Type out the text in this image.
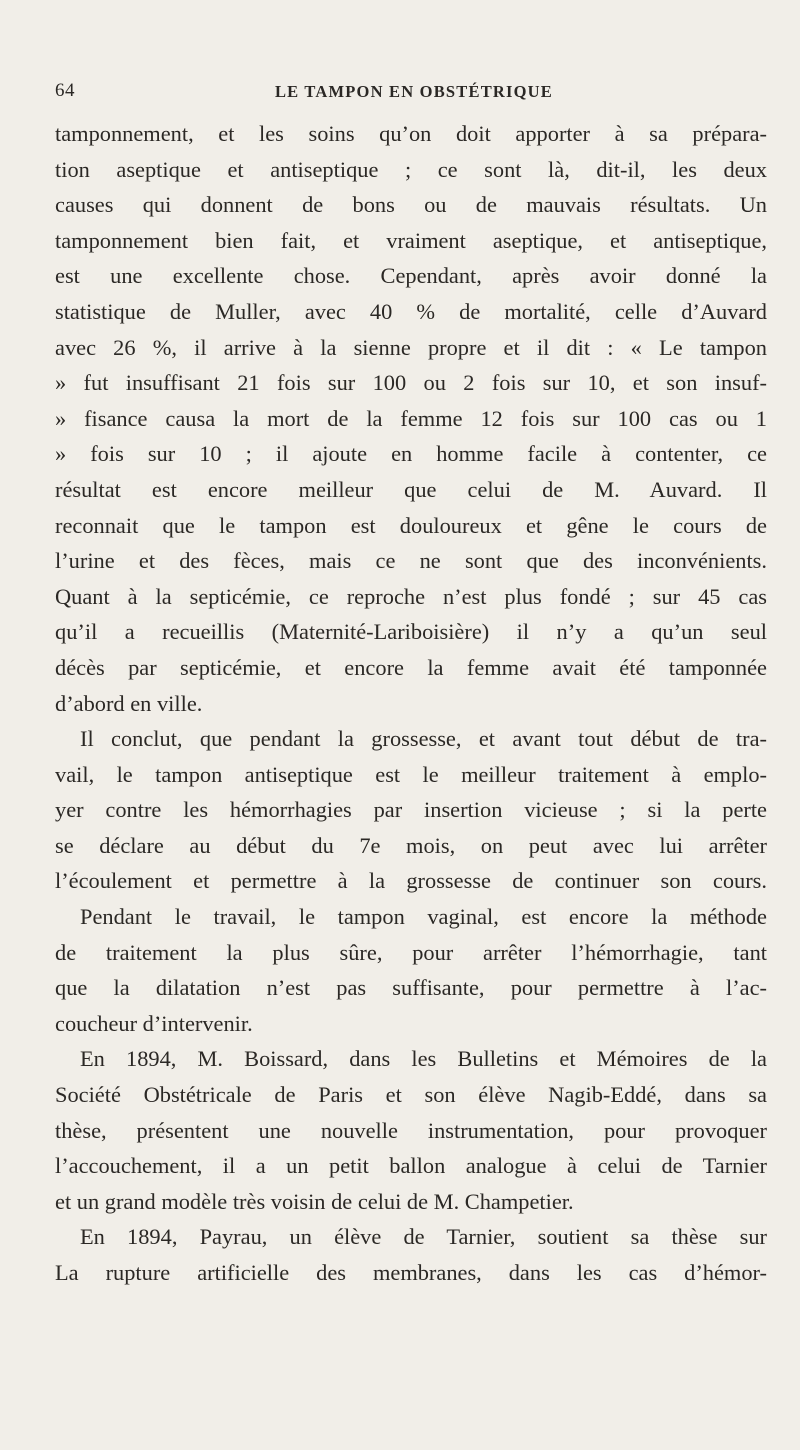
64	LE TAMPON EN OBSTÉTRIQUE
tamponnement, et les soins qu’on doit apporter à sa prépara-
tion aseptique et antiseptique ; ce sont là, dit-il, les deux
causes qui donnent de bons ou de mauvais résultats. Un
tamponnement bien fait, et vraiment aseptique, et antiseptique,
est une excellente chose. Cependant, après avoir donné la
statistique de Muller, avec 40 % de mortalité, celle d’Auvard
avec 26 %, il arrive à la sienne propre et il dit : « Le tampon
» fut insuffisant 21 fois sur 100 ou 2 fois sur 10, et son insuf-
» fisance causa la mort de la femme 12 fois sur 100 cas ou 1
» fois sur 10 ; il ajoute en homme facile à contenter, ce
résultat est encore meilleur que celui de M. Auvard. Il
reconnait que le tampon est douloureux et gêne le cours de
l’urine et des fèces, mais ce ne sont que des inconvénients.
Quant à la septicémie, ce reproche n’est plus fondé ; sur 45 cas
qu’il a recueillis (Maternité-Lariboisière) il n’y a qu’un seul
décès par septicémie, et encore la femme avait été tamponnée
d’abord en ville.
Il conclut, que pendant la grossesse, et avant tout début de tra-
vail, le tampon antiseptique est le meilleur traitement à emplo-
yer contre les hémorrhagies par insertion vicieuse ; si la perte
se déclare au début du 7e mois, on peut avec lui arrêter
l’écoulement et permettre à la grossesse de continuer son cours.
Pendant le travail, le tampon vaginal, est encore la méthode
de traitement la plus sûre, pour arrêter l’hémorrhagie, tant
que la dilatation n’est pas suffisante, pour permettre à l’ac-
coucheur d’intervenir.
En 1894, M. Boissard, dans les Bulletins et Mémoires de la
Société Obstétricale de Paris et son élève Nagib-Eddé, dans sa
thèse, présentent une nouvelle instrumentation, pour provoquer
l’accouchement, il a un petit ballon analogue à celui de Tarnier
et un grand modèle très voisin de celui de M. Champetier.
En 1894, Payrau, un élève de Tarnier, soutient sa thèse sur
La rupture artificielle des membranes, dans les cas d’hémor-
